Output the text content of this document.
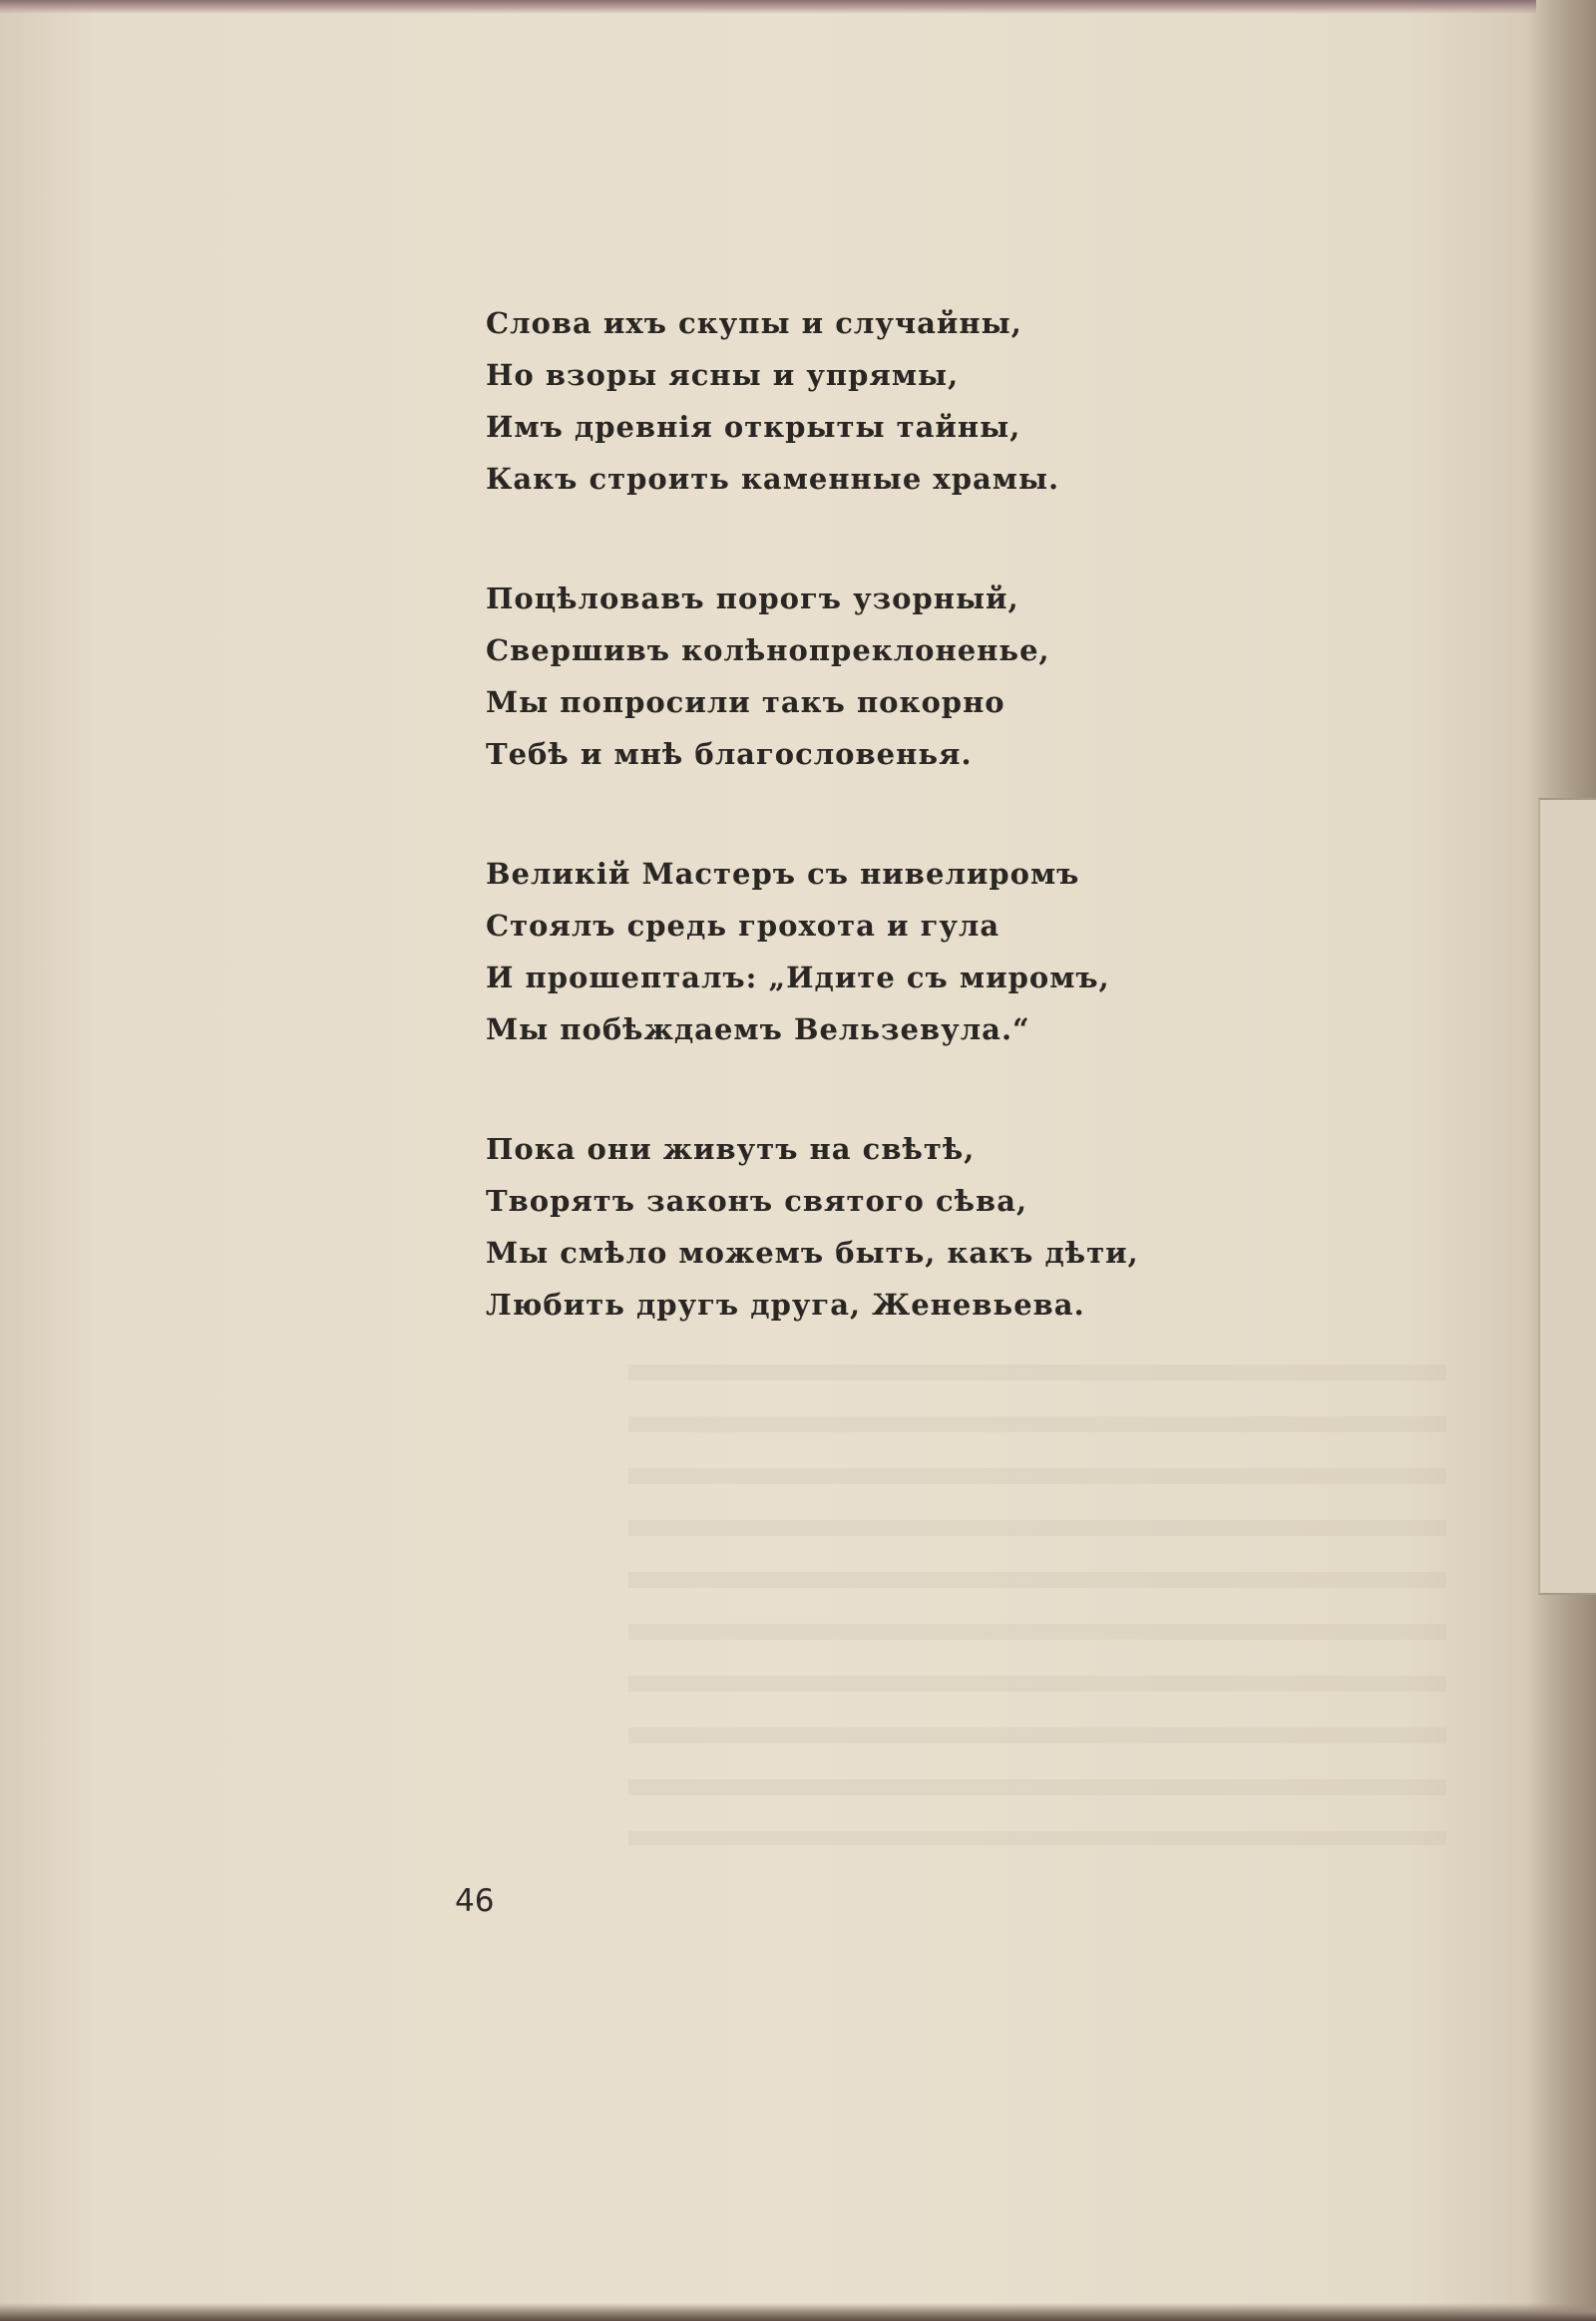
Слова ихъ скупы и случайны,
Но взоры ясны и упрямы,
Имъ древнія открыты тайны,
Какъ строить каменные храмы.
Поцѣловавъ порогъ узорный,
Свершивъ колѣнопреклоненье,
Мы попросили такъ покорно
Тебѣ и мнѣ благословенья.
Великій Мастеръ съ нивелиромъ
Стоялъ средь грохота и гула
И прошепталъ: „Идите съ миромъ,
Мы побѣждаемъ Вельзевула.“
Пока они живутъ на свѣтѣ,
Творятъ законъ святого сѣва,
Мы смѣло можемъ быть, какъ дѣти,
Любить другъ друга, Женевьева.
46
